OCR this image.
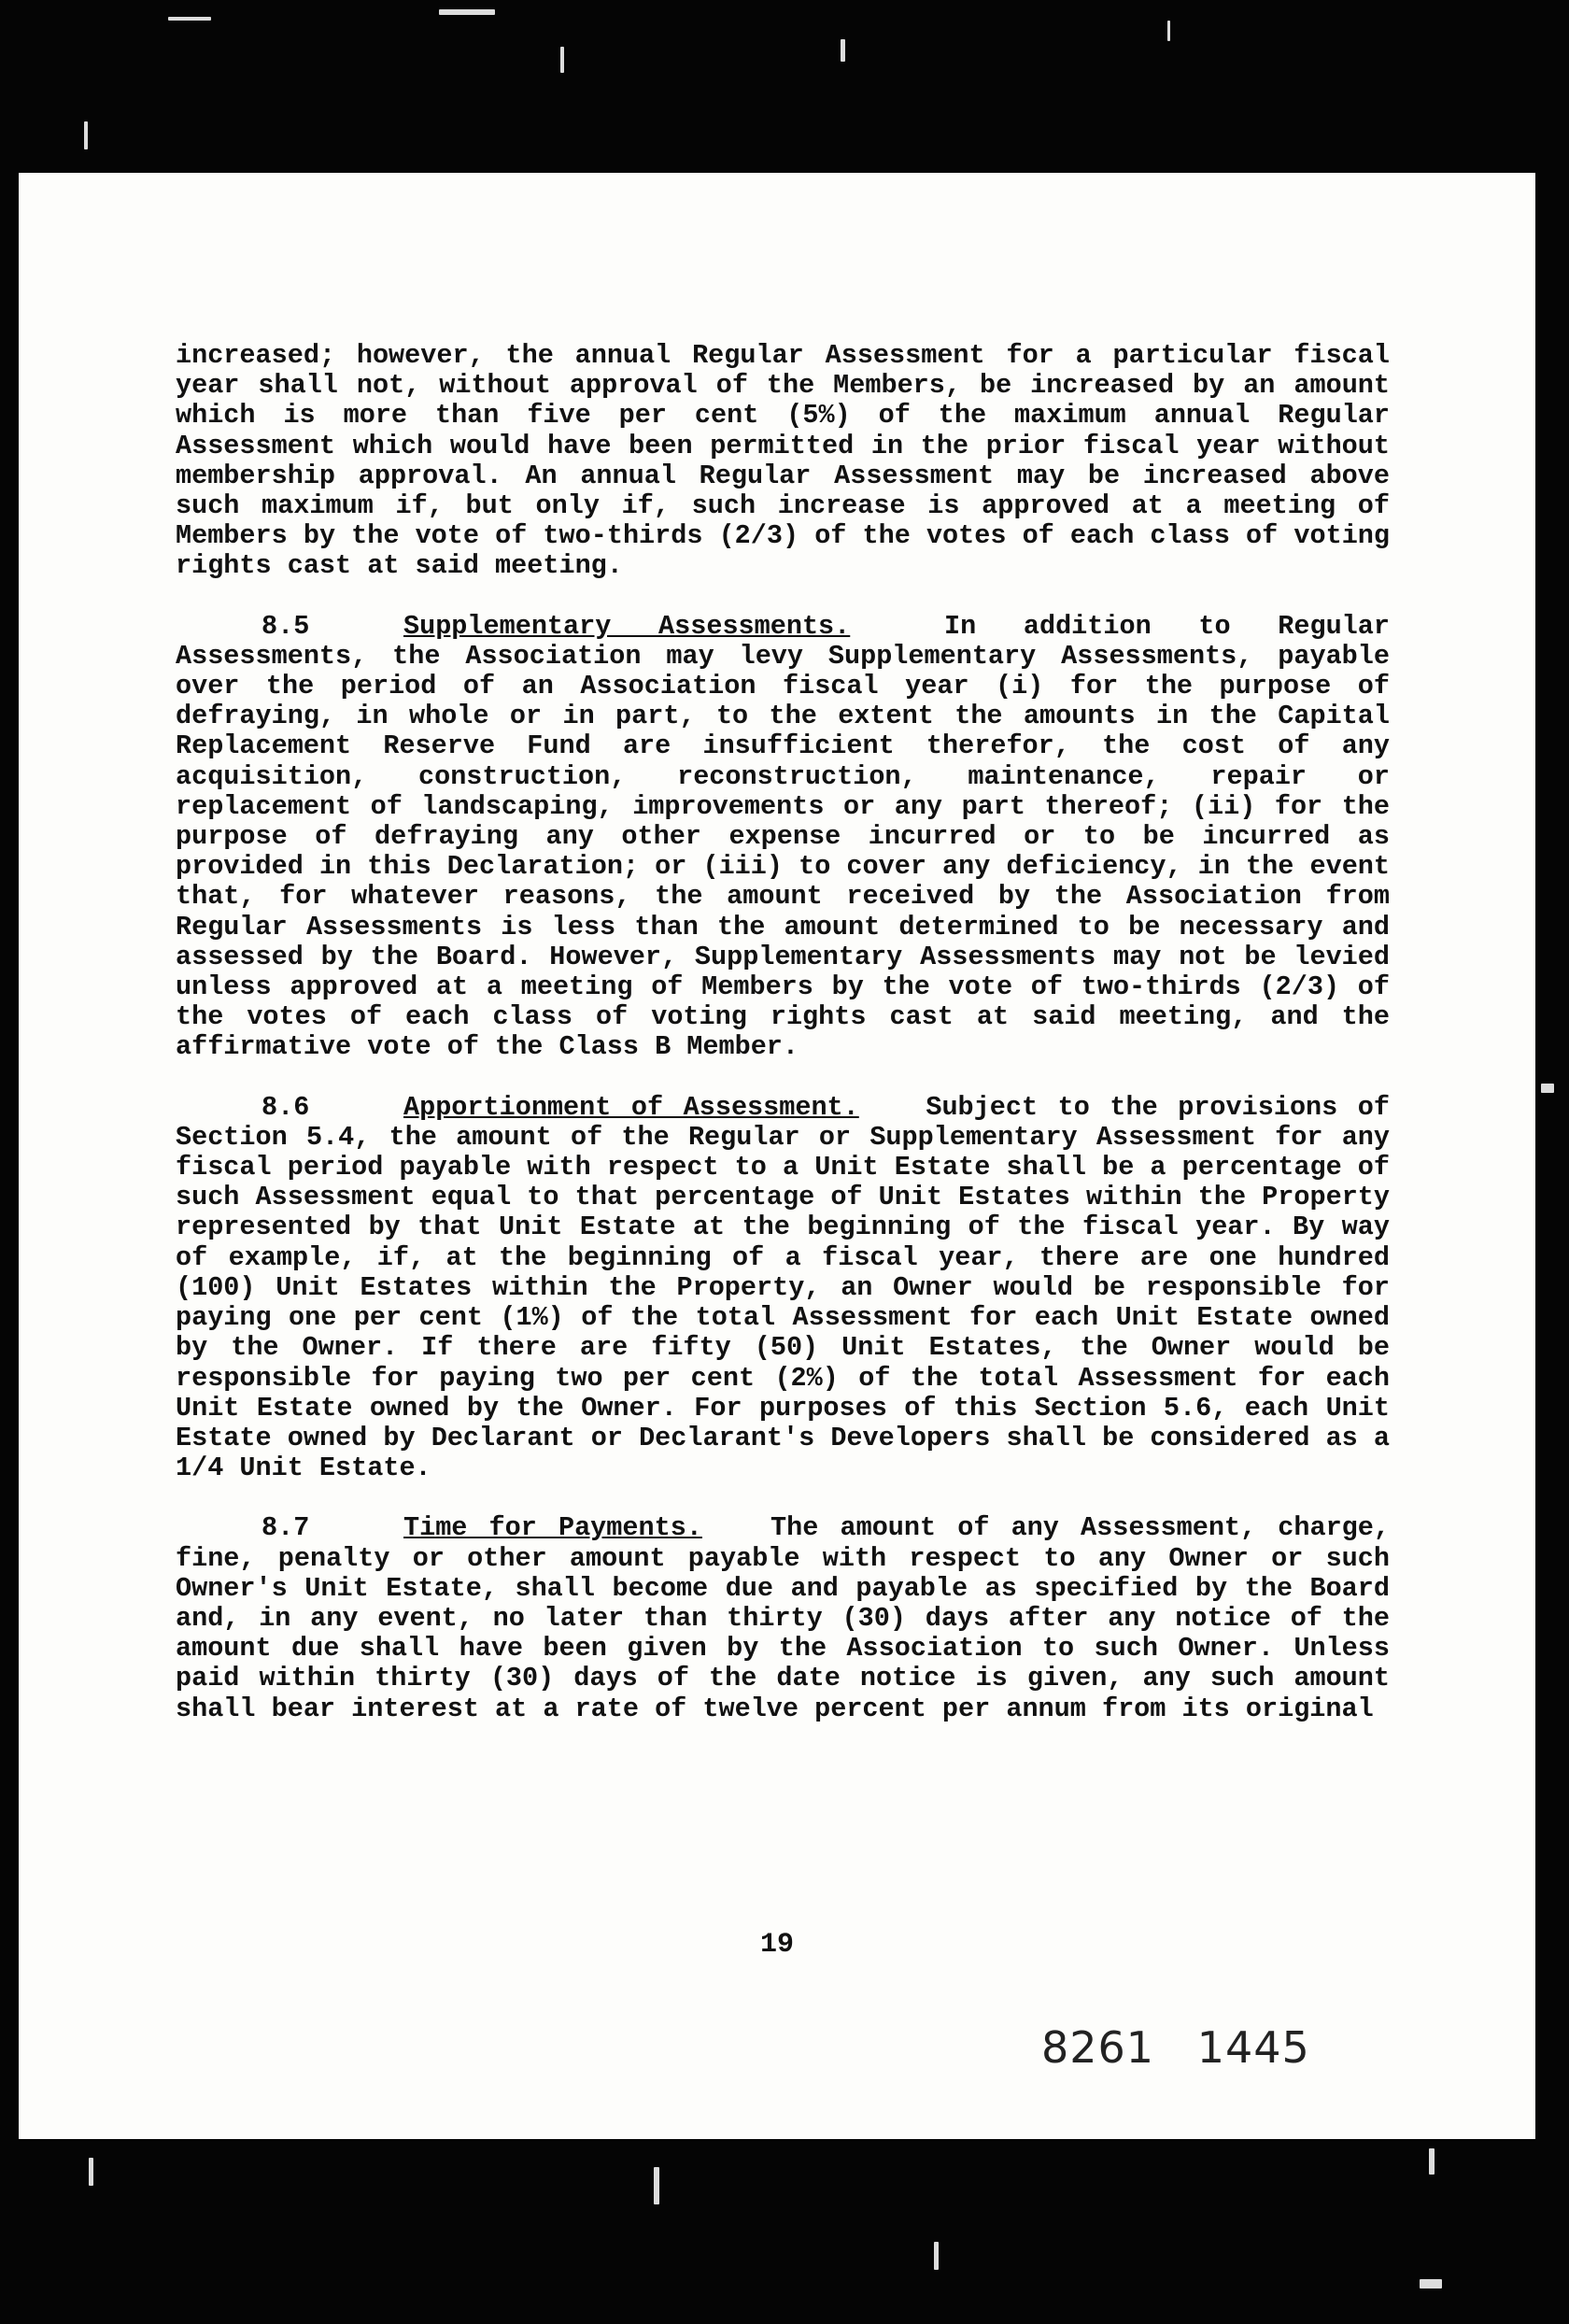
increased; however, the annual Regular Assessment for a particular fiscal year shall not, without approval of the Members, be increased by an amount which is more than five per cent (5%) of the maximum annual Regular Assessment which would have been permitted in the prior fiscal year without membership approval. An annual Regular Assessment may be increased above such maximum if, but only if, such increase is approved at a meeting of Members by the vote of two-thirds (2/3) of the votes of each class of voting rights cast at said meeting.

8.5	Supplementary Assessments.	In addition to Regular Assessments, the Association may levy Supplementary Assessments, payable over the period of an Association fiscal year (i) for the purpose of defraying, in whole or in part, to the extent the amounts in the Capital Replacement Reserve Fund are insufficient therefor, the cost of any acquisition, construction, reconstruction, maintenance, repair or replacement of landscaping, improvements or any part thereof; (ii) for the purpose of defraying any other expense incurred or to be incurred as provided in this Declaration; or (iii) to cover any deficiency, in the event that, for whatever reasons, the amount received by the Association from Regular Assessments is less than the amount determined to be necessary and assessed by the Board. However, Supplementary Assessments may not be levied unless approved at a meeting of Members by the vote of two-thirds (2/3) of the votes of each class of voting rights cast at said meeting, and the affirmative vote of the Class B Member.

8.6	Apportionment of Assessment.	Subject to the provisions of Section 5.4, the amount of the Regular or Supplementary Assessment for any fiscal period payable with respect to a Unit Estate shall be a percentage of such Assessment equal to that percentage of Unit Estates within the Property represented by that Unit Estate at the beginning of the fiscal year. By way of example, if, at the beginning of a fiscal year, there are one hundred (100) Unit Estates within the Property, an Owner would be responsible for paying one per cent (1%) of the total Assessment for each Unit Estate owned by the Owner. If there are fifty (50) Unit Estates, the Owner would be responsible for paying two per cent (2%) of the total Assessment for each Unit Estate owned by the Owner. For purposes of this Section 5.6, each Unit Estate owned by Declarant or Declarant's Developers shall be considered as a 1/4 Unit Estate.

8.7	Time for Payments.	The amount of any Assessment, charge, fine, penalty or other amount payable with respect to any Owner or such Owner's Unit Estate, shall become due and payable as specified by the Board and, in any event, no later than thirty (30) days after any notice of the amount due shall have been given by the Association to such Owner. Unless paid within thirty (30) days of the date notice is given, any such amount shall bear interest at a rate of twelve percent per annum from its original

19
8261 1445
